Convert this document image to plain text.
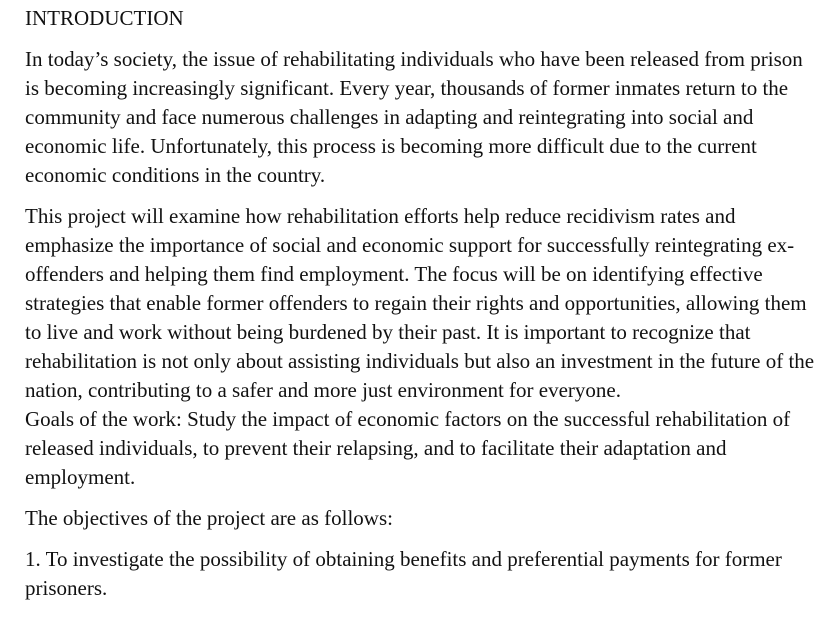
INTRODUCTION

In today’s society, the issue of rehabilitating individuals who have been released from prison is becoming increasingly significant. Every year, thousands of former inmates return to the community and face numerous challenges in adapting and reintegrating into social and economic life. Unfortunately, this process is becoming more difficult due to the current economic conditions in the country.

This project will examine how rehabilitation efforts help reduce recidivism rates and emphasize the importance of social and economic support for successfully reintegrating ex-offenders and helping them find employment. The focus will be on identifying effective strategies that enable former offenders to regain their rights and opportunities, allowing them to live and work without being burdened by their past. It is important to recognize that rehabilitation is not only about assisting individuals but also an investment in the future of the nation, contributing to a safer and more just environment for everyone.

Goals of the work: Study the impact of economic factors on the successful rehabilitation of released individuals, to prevent their relapsing, and to facilitate their adaptation and employment.

The objectives of the project are as follows:

1. To investigate the possibility of obtaining benefits and preferential payments for former prisoners.
